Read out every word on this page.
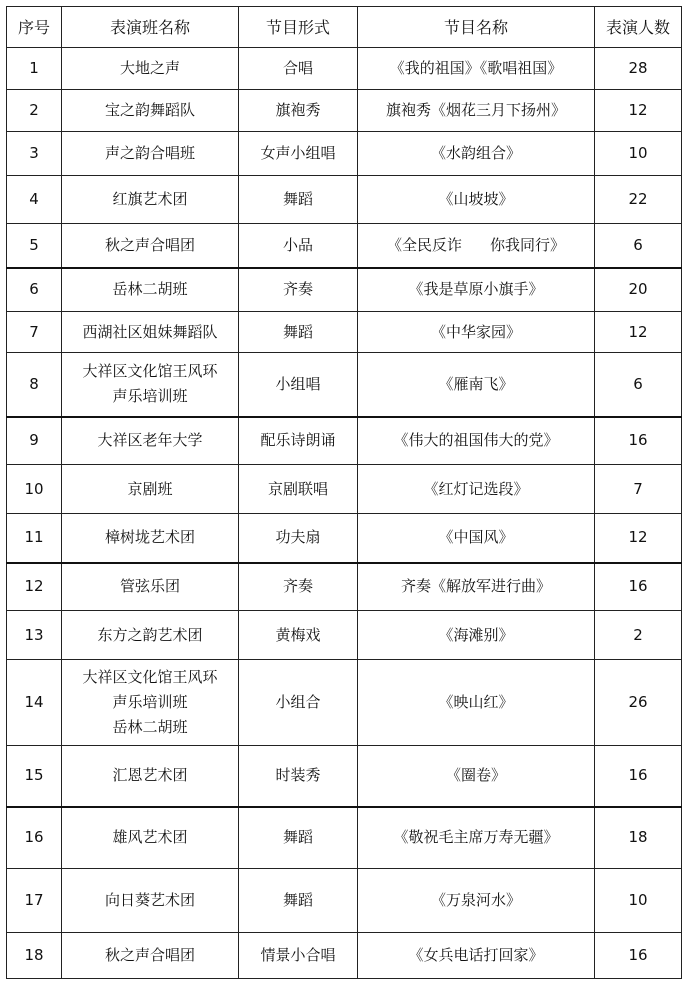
序号	表演班名称	节目形式	节目名称	表演人数
1	大地之声	合唱	《我的祖国》《歌唱祖国》	28
2	宝之韵舞蹈队	旗袍秀	旗袍秀《烟花三月下扬州》	12
3	声之韵合唱班	女声小组唱	《水韵组合》	10
4	红旗艺术团	舞蹈	《山坡坡》	22
5	秋之声合唱团	小品	《全民反诈 你我同行》	6
6	岳林二胡班	齐奏	《我是草原小旗手》	20
7	西湖社区姐妹舞蹈队	舞蹈	《中华家园》	12
8	大祥区文化馆王风环
声乐培训班	小组唱	《雁南飞》	6
9	大祥区老年大学	配乐诗朗诵	《伟大的祖国伟大的党》	16
10	京剧班	京剧联唱	《红灯记选段》	7
11	樟树垅艺术团	功夫扇	《中国风》	12
12	管弦乐团	齐奏	齐奏《解放军进行曲》	16
13	东方之韵艺术团	黄梅戏	《海滩别》	2
14	大祥区文化馆王风环
声乐培训班
岳林二胡班	小组合	《映山红》	26
15	汇恩艺术团	时装秀	《圈卷》	16
16	雄风艺术团	舞蹈	《敬祝毛主席万寿无疆》	18
17	向日葵艺术团	舞蹈	《万泉河水》	10
18	秋之声合唱团	情景小合唱	《女兵电话打回家》	16
